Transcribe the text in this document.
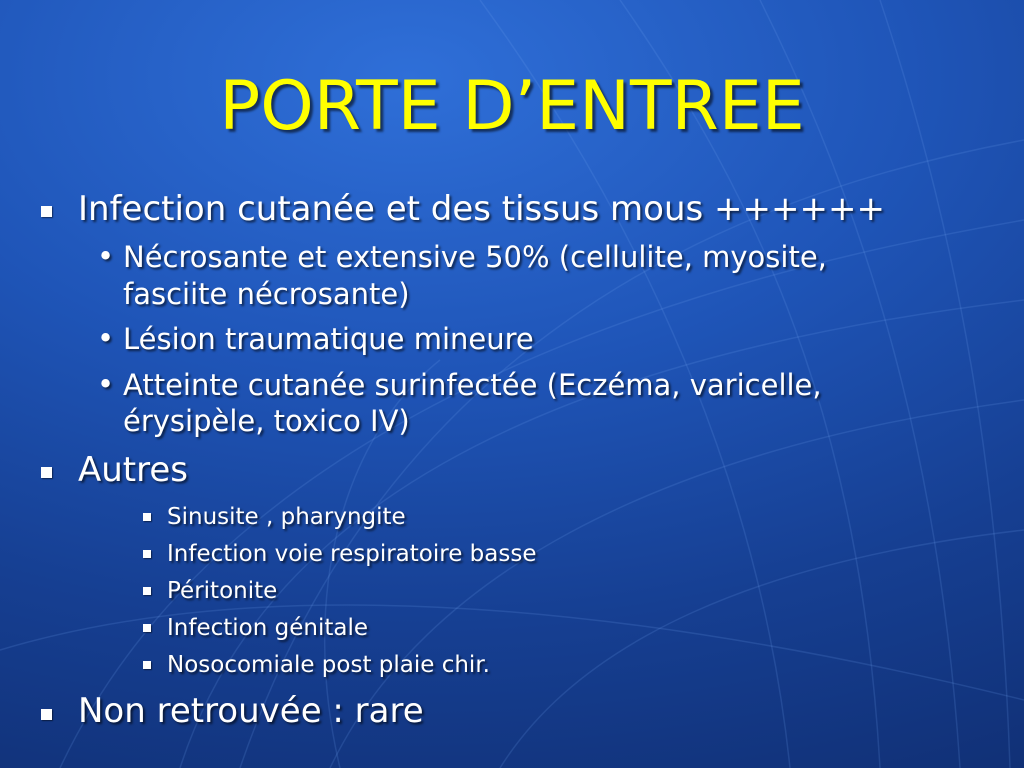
PORTE D’ENTREE
Infection cutanée et des tissus mous ++++++
• Nécrosante et extensive 50% (cellulite, myosite,
fasciite nécrosante)
• Lésion traumatique mineure
• Atteinte cutanée surinfectée (Eczéma, varicelle,
érysipèle, toxico IV)
Autres
Sinusite , pharyngite
Infection voie respiratoire basse
Péritonite
Infection génitale
Nosocomiale post plaie chir.
Non retrouvée : rare
